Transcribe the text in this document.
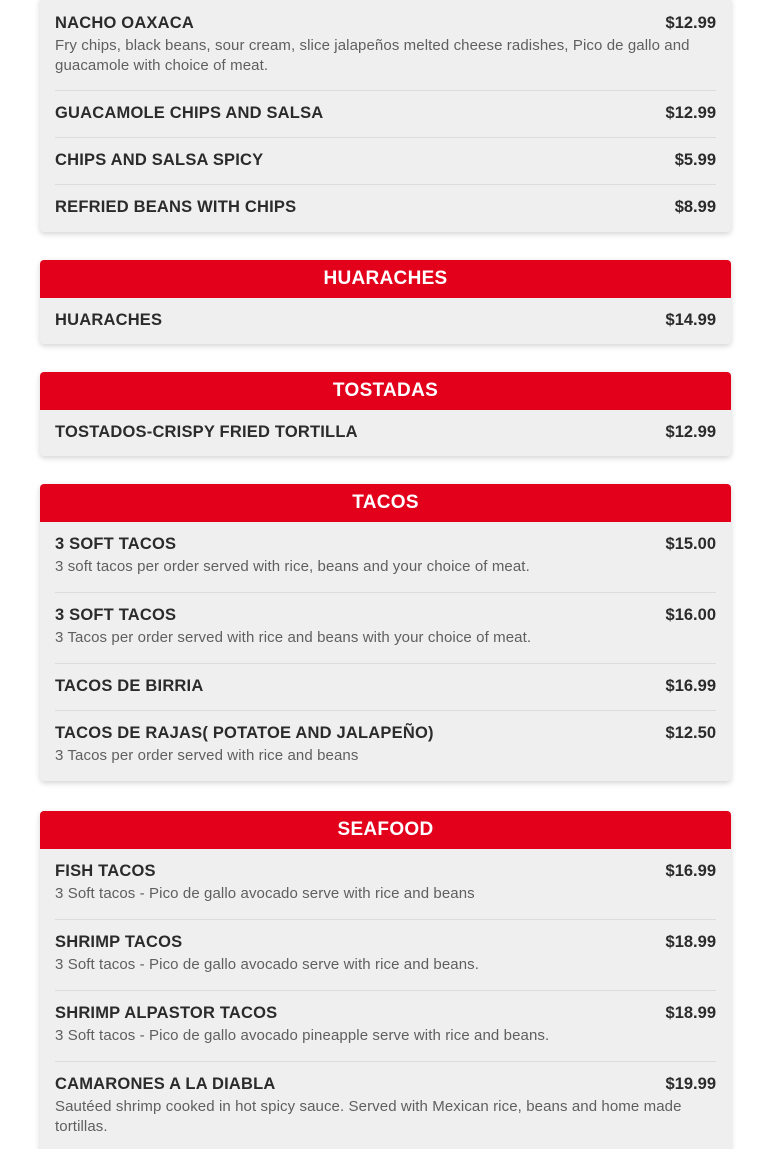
NACHO OAXACA	$12.99
Fry chips, black beans, sour cream, slice jalapeños melted cheese radishes, Pico de gallo and guacamole with choice of meat.
GUACAMOLE CHIPS AND SALSA	$12.99
CHIPS AND SALSA SPICY	$5.99
REFRIED BEANS WITH CHIPS	$8.99
HUARACHES
HUARACHES	$14.99
TOSTADAS
TOSTADOS-CRISPY FRIED TORTILLA	$12.99
TACOS
3 SOFT TACOS	$15.00
3 soft tacos per order served with rice, beans and your choice of meat.
3 SOFT TACOS	$16.00
3 Tacos per order served with rice and beans with your choice of meat.
TACOS DE BIRRIA	$16.99
TACOS DE RAJAS( POTATOE AND JALAPEÑO)	$12.50
3 Tacos per order served with rice and beans
SEAFOOD
FISH TACOS	$16.99
3 Soft tacos - Pico de gallo avocado serve with rice and beans
SHRIMP TACOS	$18.99
3 Soft tacos - Pico de gallo avocado serve with rice and beans.
SHRIMP ALPASTOR TACOS	$18.99
3 Soft tacos - Pico de gallo avocado pineapple serve with rice and beans.
CAMARONES A LA DIABLA	$19.99
Sautéed shrimp cooked in hot spicy sauce. Served with Mexican rice, beans and home made tortillas.
